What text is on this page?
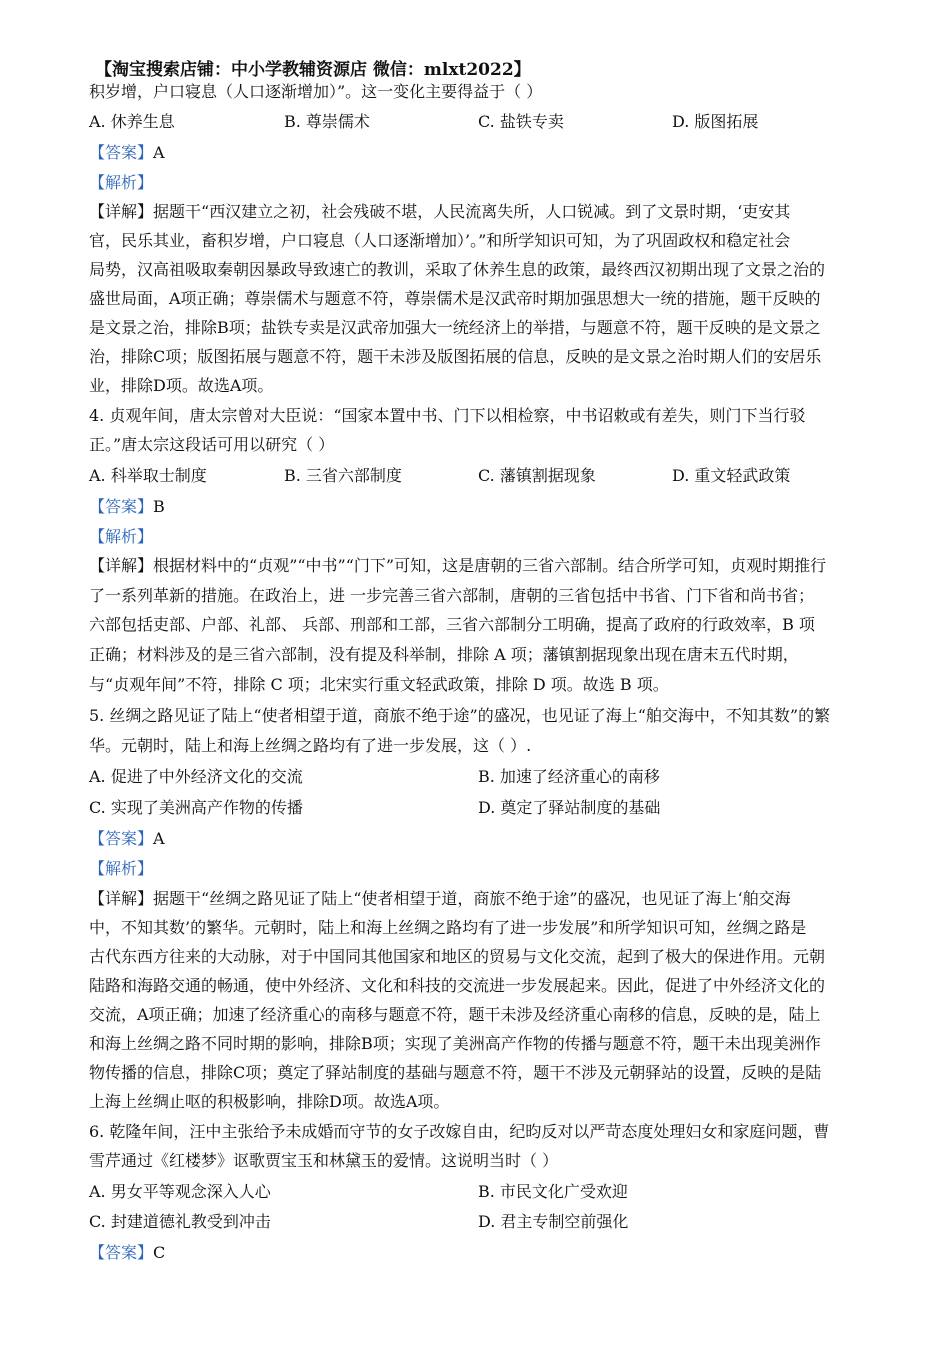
【淘宝搜索店铺：中小学教辅资源店 微信：mlxt2022】
积岁增，户口寝息（人口逐渐增加）”。这一变化主要得益于（ ）
A. 休养生息	B. 尊崇儒术	C. 盐铁专卖	D. 版图拓展
【答案】A
【解析】
【详解】据题干“西汉建立之初，社会残破不堪，人民流离失所，人口锐减。到了文景时期，‘吏安其
官，民乐其业，畜积岁增，户口寝息（人口逐渐增加）’。”和所学知识可知，为了巩固政权和稳定社会
局势，汉高祖吸取秦朝因暴政导致速亡的教训，采取了休养生息的政策，最终西汉初期出现了文景之治的
盛世局面，A项正确；尊崇儒术与题意不符，尊崇儒术是汉武帝时期加强思想大一统的措施，题干反映的
是文景之治，排除B项；盐铁专卖是汉武帝加强大一统经济上的举措，与题意不符，题干反映的是文景之
治，排除C项；版图拓展与题意不符，题干未涉及版图拓展的信息，反映的是文景之治时期人们的安居乐
业，排除D项。故选A项。
4. 贞观年间，唐太宗曾对大臣说：“国家本置中书、门下以相检察，中书诏敕或有差失，则门下当行驳
正。”唐太宗这段话可用以研究（ ）
A. 科举取士制度	B. 三省六部制度	C. 藩镇割据现象	D. 重文轻武政策
【答案】B
【解析】
【详解】根据材料中的“贞观”“中书”“门下”可知，这是唐朝的三省六部制。结合所学可知，贞观时期推行
了一系列革新的措施。在政治上，进 一步完善三省六部制，唐朝的三省包括中书省、门下省和尚书省；
六部包括吏部、户部、礼部、 兵部、刑部和工部，三省六部制分工明确，提高了政府的行政效率，B 项
正确；材料涉及的是三省六部制，没有提及科举制，排除 A 项；藩镇割据现象出现在唐末五代时期，
与“贞观年间”不符，排除 C 项；北宋实行重文轻武政策，排除 D 项。故选 B 项。
5. 丝绸之路见证了陆上“使者相望于道，商旅不绝于途”的盛况，也见证了海上“舶交海中，不知其数”的繁
华。元朝时，陆上和海上丝绸之路均有了进一步发展，这（ ）.
A. 促进了中外经济文化的交流	B. 加速了经济重心的南移
C. 实现了美洲高产作物的传播	D. 奠定了驿站制度的基础
【答案】A
【解析】
【详解】据题干“丝绸之路见证了陆上“使者相望于道，商旅不绝于途”的盛况，也见证了海上‘舶交海
中，不知其数’的繁华。元朝时，陆上和海上丝绸之路均有了进一步发展”和所学知识可知，丝绸之路是
古代东西方往来的大动脉，对于中国同其他国家和地区的贸易与文化交流，起到了极大的保进作用。元朝
陆路和海路交通的畅通，使中外经济、文化和科技的交流进一步发展起来。因此，促进了中外经济文化的
交流，A项正确；加速了经济重心的南移与题意不符，题干未涉及经济重心南移的信息，反映的是，陆上
和海上丝绸之路不同时期的影响，排除B项；实现了美洲高产作物的传播与题意不符，题干未出现美洲作
物传播的信息，排除C项；奠定了驿站制度的基础与题意不符，题干不涉及元朝驿站的设置，反映的是陆
上海上丝绸止呕的积极影响，排除D项。故选A项。
6. 乾隆年间，汪中主张给予未成婚而守节的女子改嫁自由，纪昀反对以严苛态度处理妇女和家庭问题，曹
雪芹通过《红楼梦》讴歌贾宝玉和林黛玉的爱情。这说明当时（ ）
A. 男女平等观念深入人心	B. 市民文化广受欢迎
C. 封建道德礼教受到冲击	D. 君主专制空前强化
【答案】C
